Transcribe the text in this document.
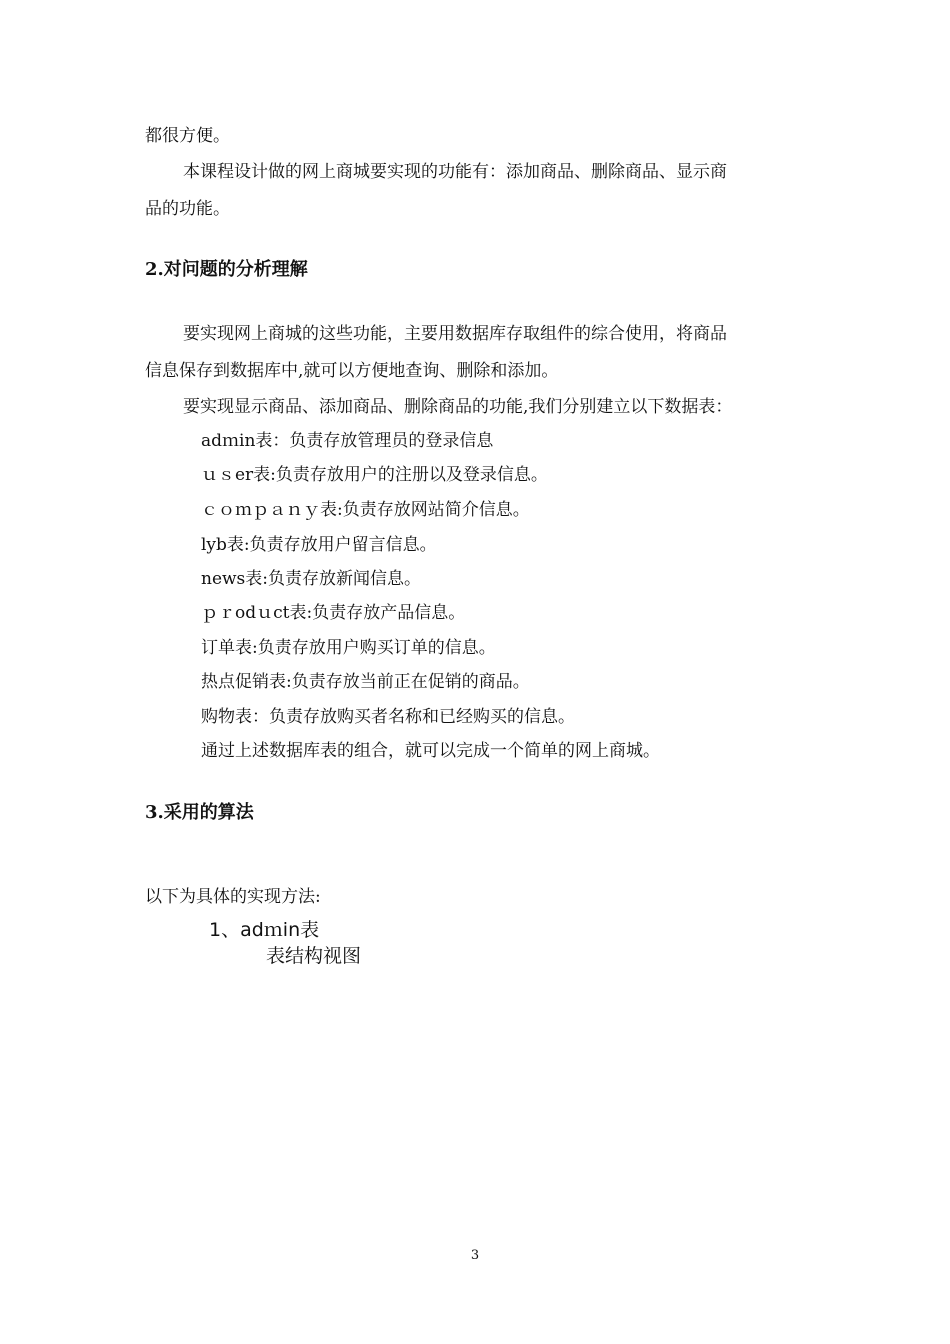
都很方便。
本课程设计做的网上商城要实现的功能有：添加商品、删除商品、显示商
品的功能。
2.对问题的分析理解
要实现网上商城的这些功能，主要用数据库存取组件的综合使用，将商品
信息保存到数据库中,就可以方便地查询、删除和添加。
要实现显示商品、添加商品、删除商品的功能,我们分别建立以下数据表：
adｍin表：负责存放管理员的登录信息
ｕｓer表:负责存放用户的注册以及登录信息。
ｃｏｍｐａｎｙ表:负责存放网站简介信息。
lyb表:负责存放用户留言信息。
news表:负责存放新闻信息。
ｐｒodｕct表:负责存放产品信息。
订单表:负责存放用户购买订单的信息。
热点促销表:负责存放当前正在促销的商品。
购物表：负责存放购买者名称和已经购买的信息。
通过上述数据库表的组合，就可以完成一个简单的网上商城。
3.采用的算法
以下为具体的实现方法:
1、adｍin表
表结构视图
3
